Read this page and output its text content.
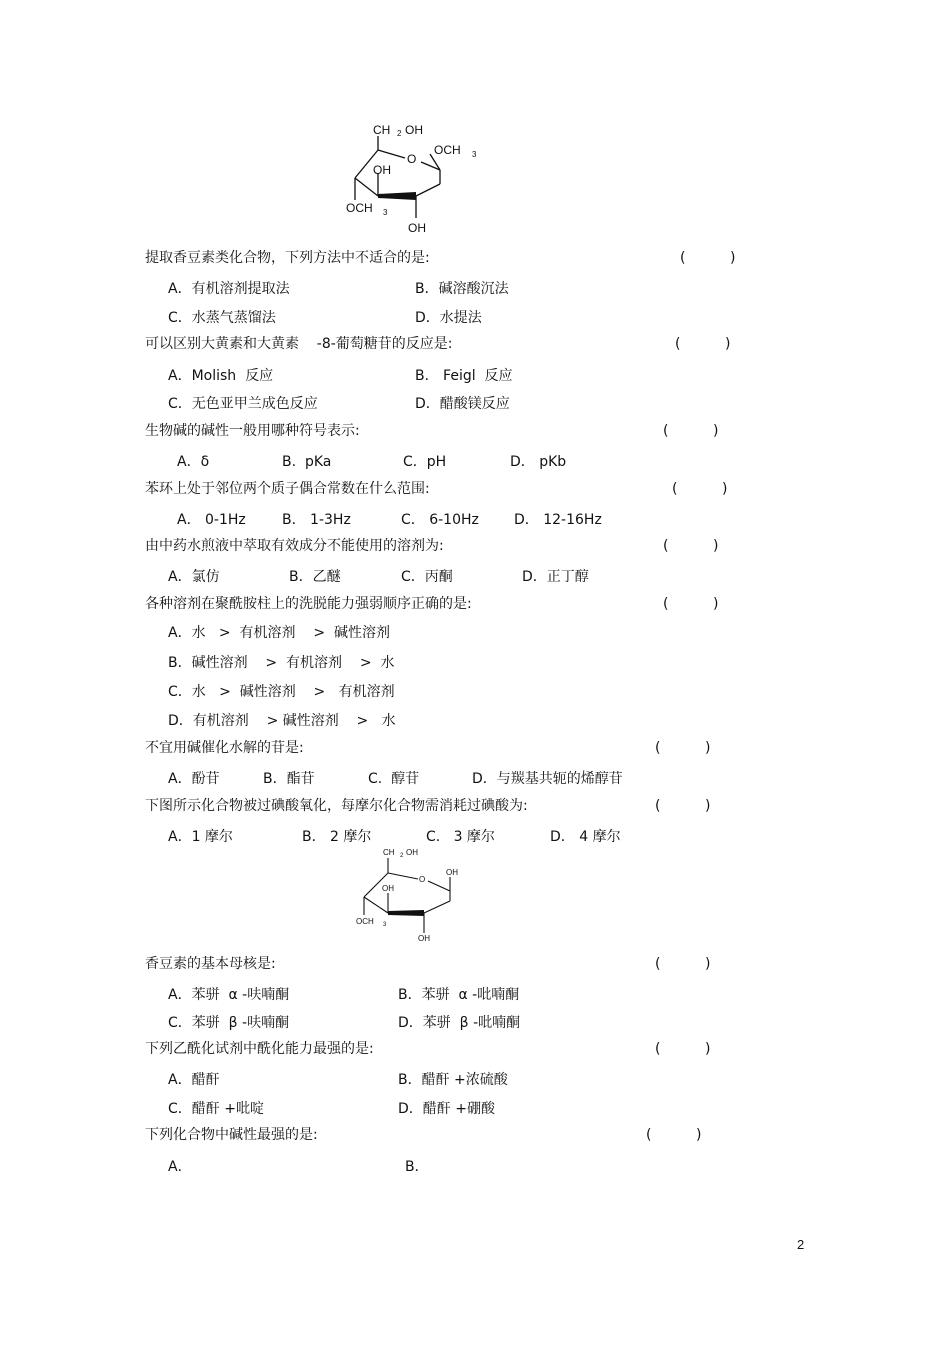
CH 2 OH
O
OCH 3
OH
OCH 3
OH
提取香豆素类化合物，下列方法中不适合的是:	(          )
A．有机溶剂提取法	B．碱溶酸沉法
C．水蒸气蒸馏法	D．水提法
可以区别大黄素和大黄素    -8-葡萄糖苷的反应是:	(          )
A．Molish  反应	B． Feigl  反应
C．无色亚甲兰成色反应	D．醋酸镁反应
生物碱的碱性一般用哪种符号表示:	(          )
A．δ	B.  pKa	C．pH	D． pKb
苯环上处于邻位两个质子偶合常数在什么范围:	(          )
A． 0-1Hz	B． 1-3Hz	C． 6-10Hz	D． 12-16Hz
由中药水煎液中萃取有效成分不能使用的溶剂为:	(          )
A．氯仿	B．乙醚	C．丙酮	D．正丁醇
各种溶剂在聚酰胺柱上的洗脱能力强弱顺序正确的是:	(          )
A．水   >  有机溶剂    >  碱性溶剂
B．碱性溶剂    >  有机溶剂    >  水
C．水   >  碱性溶剂    >   有机溶剂
D．有机溶剂    > 碱性溶剂    >   水
不宜用碱催化水解的苷是:	(          )
A．酚苷	B．酯苷	C.  醇苷	D．与羰基共轭的烯醇苷
下图所示化合物被过碘酸氧化，每摩尔化合物需消耗过碘酸为:	(          )
A．1 摩尔	B． 2 摩尔	C.   3 摩尔	D． 4 摩尔
CH 2 OH
O
OH
OH
OCH 3
OH
香豆素的基本母核是:	(          )
A．苯骈  α -呋喃酮	B．苯骈  α -吡喃酮
C．苯骈  β -呋喃酮	D．苯骈  β -吡喃酮
下列乙酰化试剂中酰化能力最强的是:	(          )
A．醋酐	B．醋酐 +浓硫酸
C．醋酐 +吡啶	D．醋酐 +硼酸
下列化合物中碱性最强的是:	(          )
A．	B．
2
